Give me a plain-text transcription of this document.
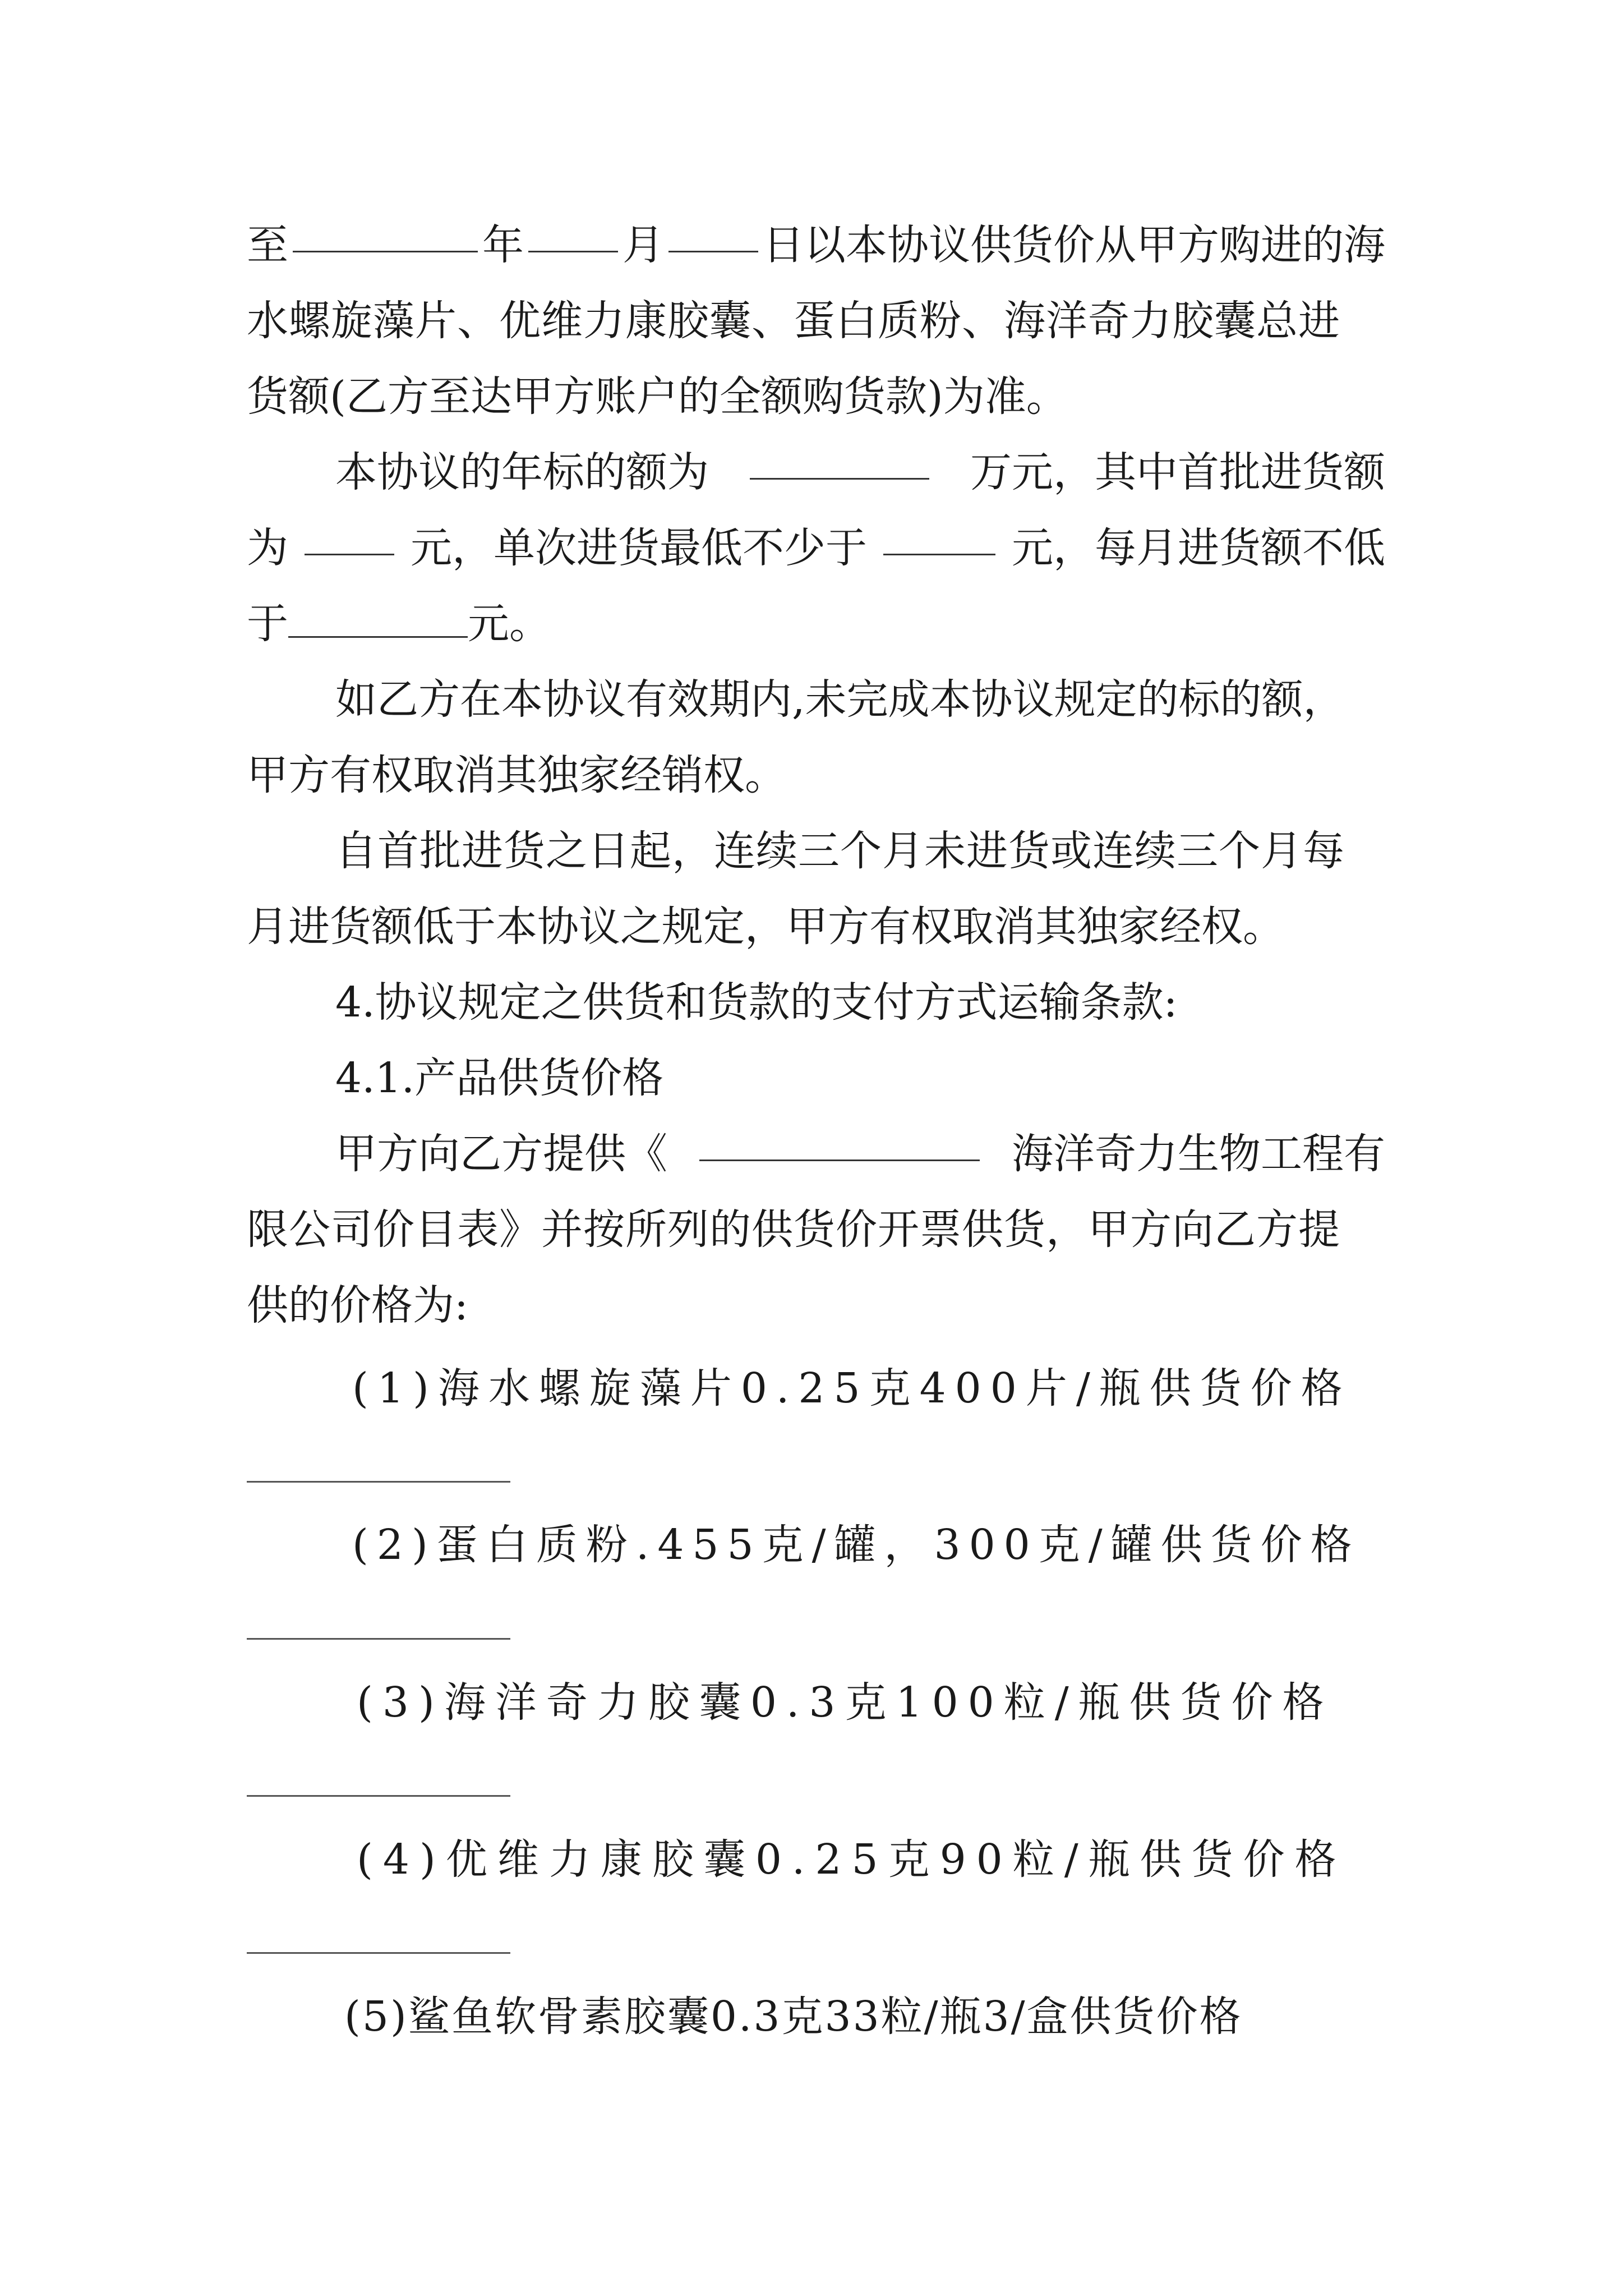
至	年 月 日以本协议供货价从甲方购进的海
水螺旋藻片、优维力康胶囊、蛋白质粉、海洋奇力胶囊总进
货额(乙方至达甲方账户的全额购货款)为准。
本协议的年标的额为	万元，其中首批进货额
为	元，单次进货最低不少于	元，每月进货额不低
于	元。
如乙方在本协议有效期内,未完成本协议规定的标的额，
甲方有权取消其独家经销权。
自首批进货之日起，连续三个月未进货或连续三个月每
月进货额低于本协议之规定，甲方有权取消其独家经权。
4.协议规定之供货和货款的支付方式运输条款:
4.1.产品供货价格
甲方向乙方提供《	海洋奇力生物工程有
限公司价目表》并按所列的供货价开票供货，甲方向乙方提
供的价格为:
(1)海水螺旋藻片0.25克400片/瓶供货价格
(2)蛋白质粉.455克/罐，300克/罐供货价格
(3)海洋奇力胶囊0.3克100粒/瓶供货价格
(4)优维力康胶囊0.25克90粒/瓶供货价格
(5)鲨鱼软骨素胶囊0.3克33粒/瓶3/盒供货价格
